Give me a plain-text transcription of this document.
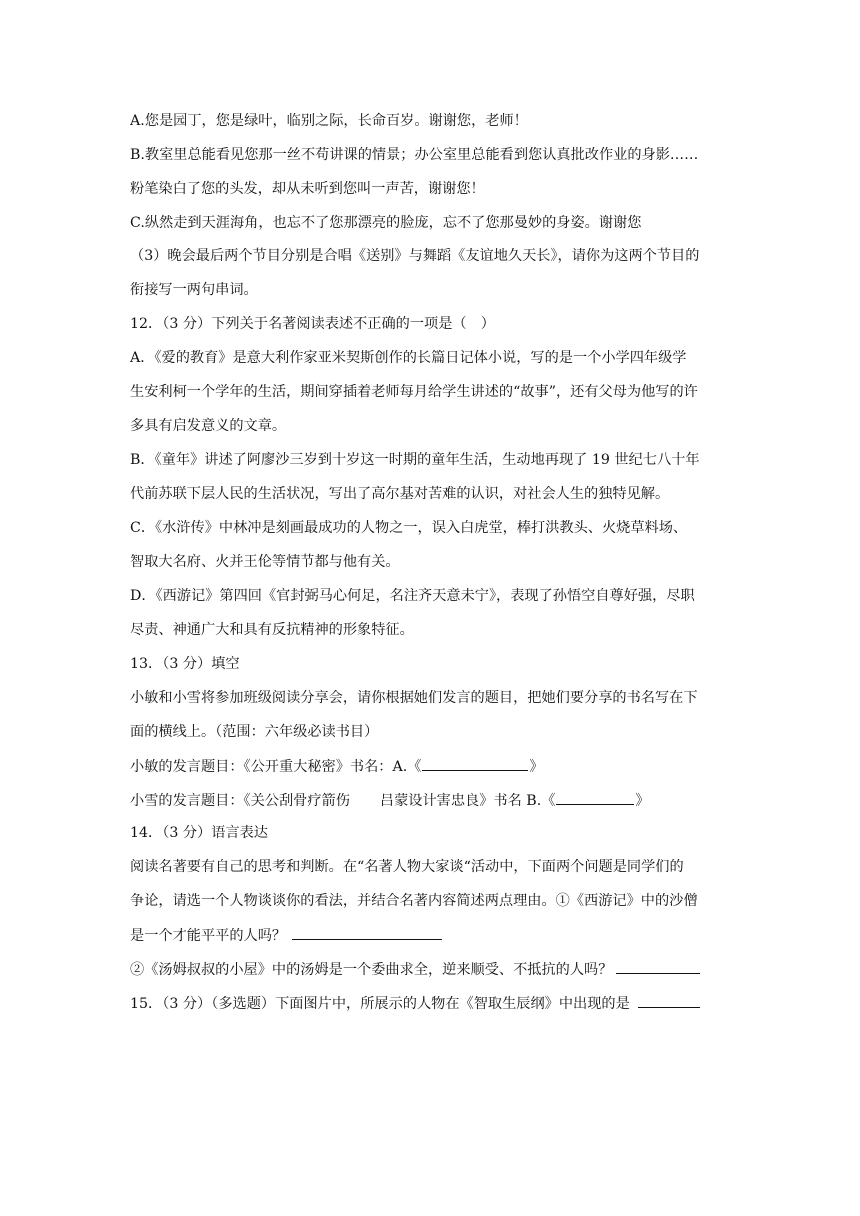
A.您是园丁，您是绿叶，临别之际，长命百岁。谢谢您，老师！
B.教室里总能看见您那一丝不苟讲课的情景；办公室里总能看到您认真批改作业的身影……
粉笔染白了您的头发，却从未听到您叫一声苦，谢谢您！
C.纵然走到天涯海角，也忘不了您那漂亮的脸庞，忘不了您那曼妙的身姿。谢谢您
（3）晚会最后两个节目分别是合唱《送别》与舞蹈《友谊地久天长》，请你为这两个节目的
衔接写一两句串词。
12．（3 分）下列关于名著阅读表述不正确的一项是（　）
A．《爱的教育》是意大利作家亚米契斯创作的长篇日记体小说，写的是一个小学四年级学
生安利柯一个学年的生活，期间穿插着老师每月给学生讲述的“故事”，还有父母为他写的许
多具有启发意义的文章。
B．《童年》讲述了阿廖沙三岁到十岁这一时期的童年生活，生动地再现了 19 世纪七八十年
代前苏联下层人民的生活状况，写出了高尔基对苦难的认识，对社会人生的独特见解。
C．《水浒传》中林冲是刻画最成功的人物之一，误入白虎堂，棒打洪教头、火烧草料场、
智取大名府、火并王伦等情节都与他有关。
D．《西游记》第四回《官封弼马心何足，名注齐天意未宁》，表现了孙悟空自尊好强，尽职
尽责、神通广大和具有反抗精神的形象特征。
13．（3 分）填空
小敏和小雪将参加班级阅读分享会，请你根据她们发言的题目，把她们要分享的书名写在下
面的横线上。（范围：六年级必读书目）
小敏的发言题目：《公开重大秘密》书名：A.《	》
小雪的发言题目：《关公刮骨疗箭伤 吕蒙设计害忠良》书名 B.《	》
14．（3 分）语言表达
阅读名著要有自己的思考和判断。在“名著人物大家谈“活动中，下面两个问题是同学们的
争论，请选一个人物谈谈你的看法，并结合名著内容简述两点理由。①《西游记》中的沙僧
是一个才能平平的人吗？
②《汤姆叔叔的小屋》中的汤姆是一个委曲求全，逆来顺受、不抵抗的人吗？
15．（3 分）（多选题）下面图片中，所展示的人物在《智取生辰纲》中出现的是
